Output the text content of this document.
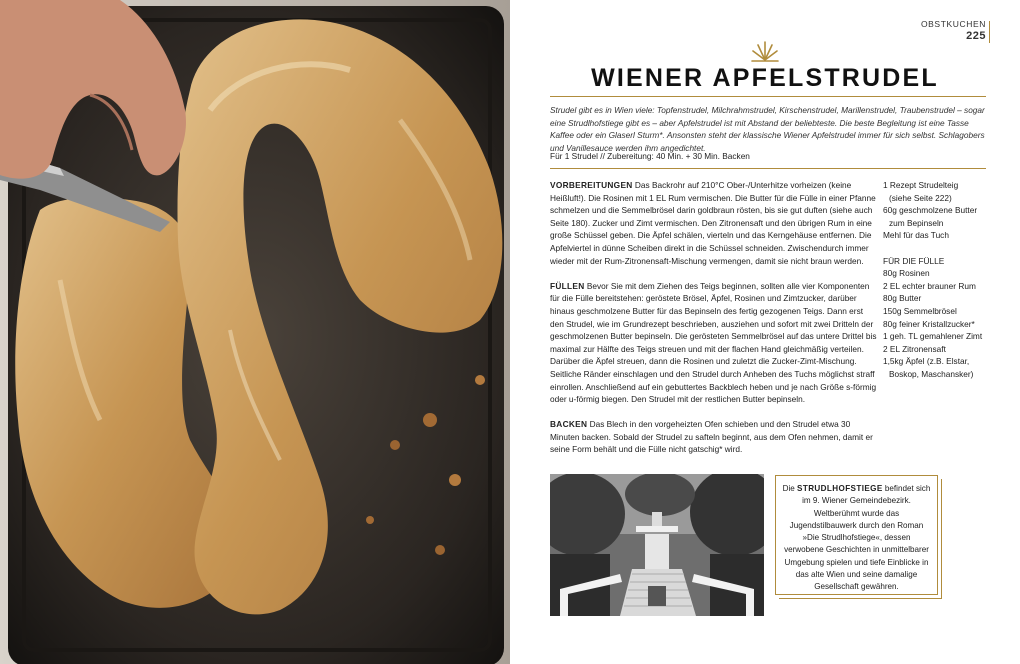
OBSTKUCHEN
225
WIENER APFELSTRUDEL

Strudel gibt es in Wien viele: Topfenstrudel, Milchrahmstrudel, Kirschenstrudel, Marillenstrudel, Traubenstrudel – sogar eine Strudlhofstiege gibt es – aber Apfelstrudel ist mit Abstand der beliebteste. Die beste Begleitung ist eine Tasse Kaffee oder ein Glaserl Sturm*. Ansonsten steht der klassische Wiener Apfelstrudel immer für sich selbst. Schlagobers und Vanillesauce werden ihm angedichtet.

Für 1 Strudel // Zubereitung: 40 Min. + 30 Min. Backen

VORBEREITUNGEN Das Backrohr auf 210°C Ober-/Unterhitze vorheizen (keine Heißluft!). Die Rosinen mit 1 EL Rum vermischen. Die Butter für die Fülle in einer Pfanne schmelzen und die Semmelbrösel darin goldbraun rösten, bis sie gut duften (siehe auch Seite 180). Zucker und Zimt vermischen. Den Zitronensaft und den übrigen Rum in eine große Schüssel geben. Die Äpfel schälen, vierteln und das Kerngehäuse entfernen. Die Apfelviertel in dünne Scheiben direkt in die Schüssel schneiden. Zwischendurch immer wieder mit der Rum-Zitronensaft-Mischung vermengen, damit sie nicht braun werden.

FÜLLEN Bevor Sie mit dem Ziehen des Teigs beginnen, sollten alle vier Komponenten für die Fülle bereitstehen: geröstete Brösel, Äpfel, Rosinen und Zimtzucker, darüber hinaus geschmolzene Butter für das Bepinseln des fertig gezogenen Teigs. Dann erst den Strudel, wie im Grundrezept beschrieben, ausziehen und sofort mit zwei Dritteln der geschmolzenen Butter bepinseln. Die gerösteten Semmelbrösel auf das untere Drittel bis maximal zur Hälfte des Teigs streuen und mit der flachen Hand gleichmäßig verteilen. Darüber die Äpfel streuen, dann die Rosinen und zuletzt die Zucker-Zimt-Mischung. Seitliche Ränder einschlagen und den Strudel durch Anheben des Tuchs möglichst straff einrollen. Anschließend auf ein gebuttertes Backblech heben und je nach Größe s-förmig oder u-förmig biegen. Den Strudel mit der restlichen Butter bepinseln.

BACKEN Das Blech in den vorgeheizten Ofen schieben und den Strudel etwa 30 Minuten backen. Sobald der Strudel zu safteln beginnt, aus dem Ofen nehmen, damit er seine Form behält und die Fülle nicht gatschig* wird.

1 Rezept Strudelteig
(siehe Seite 222)
60g geschmolzene Butter
zum Bepinseln
Mehl für das Tuch
FÜR DIE FÜLLE
80g Rosinen
2 EL echter brauner Rum
80g Butter
150g Semmelbrösel
80g feiner Kristallzucker*
1 geh. TL gemahlener Zimt
2 EL Zitronensaft
1,5kg Äpfel (z.B. Elstar,
Boskop, Maschansker)
Die STRUDLHOFSTIEGE befindet sich im 9. Wiener Gemeindebezirk. Weltberühmt wurde das Jugendstilbauwerk durch den Roman »Die Strudlhofstiege«, dessen verwobene Geschichten in unmittelbarer Umgebung spielen und tiefe Einblicke in das alte Wien und seine damalige Gesellschaft gewähren.
